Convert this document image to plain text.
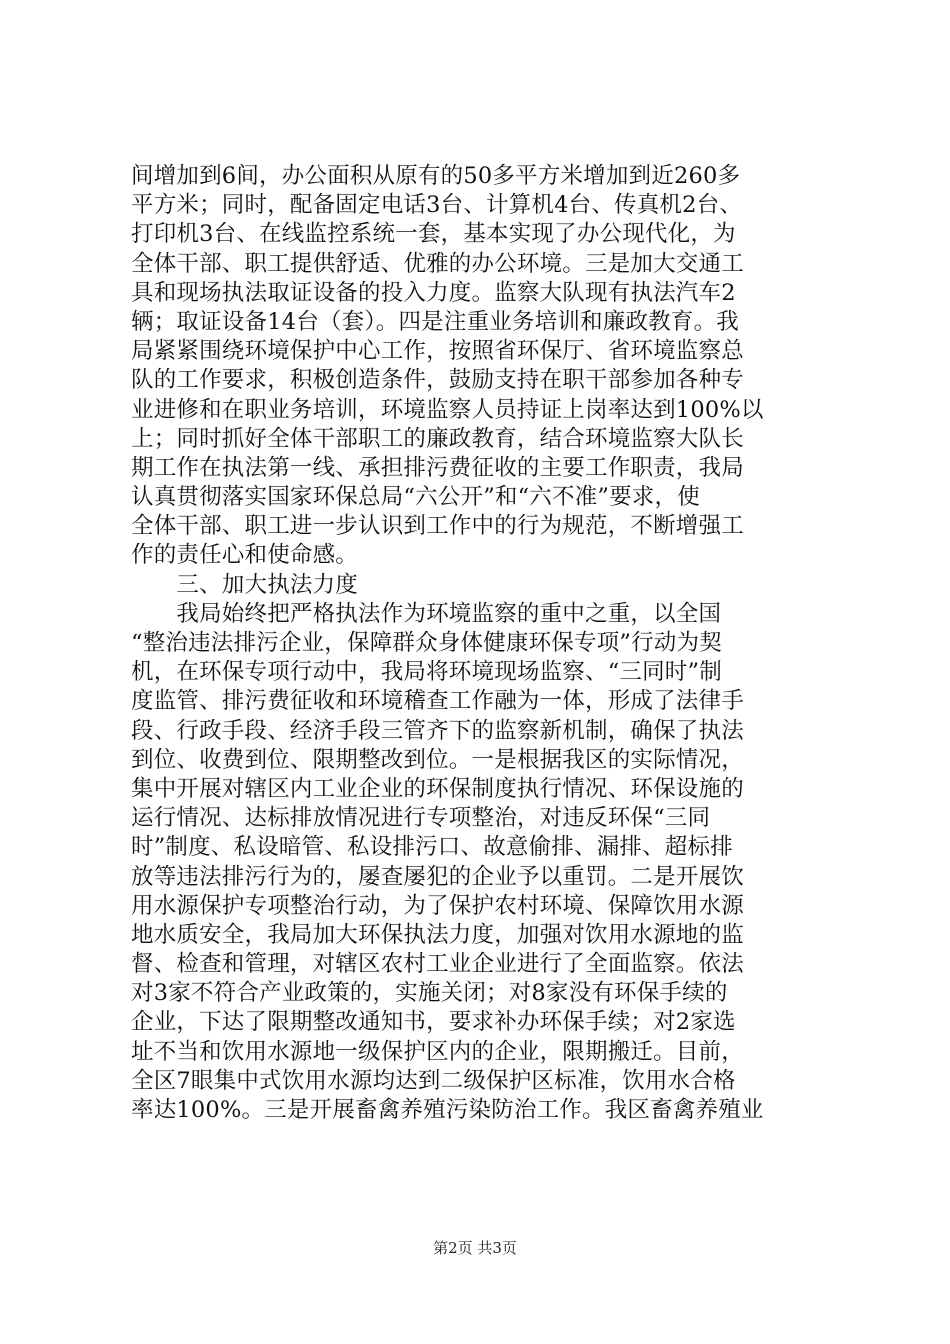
间增加到6间，办公面积从原有的50多平方米增加到近260多
平方米；同时，配备固定电话3台、计算机4台、传真机2台、
打印机3台、在线监控系统一套，基本实现了办公现代化，为
全体干部、职工提供舒适、优雅的办公环境。三是加大交通工
具和现场执法取证设备的投入力度。监察大队现有执法汽车2
辆；取证设备14台（套）。四是注重业务培训和廉政教育。我
局紧紧围绕环境保护中心工作，按照省环保厅、省环境监察总
队的工作要求，积极创造条件，鼓励支持在职干部参加各种专
业进修和在职业务培训，环境监察人员持证上岗率达到100%以
上；同时抓好全体干部职工的廉政教育，结合环境监察大队长
期工作在执法第一线、承担排污费征收的主要工作职责，我局
认真贯彻落实国家环保总局“六公开”和“六不准”要求，使
全体干部、职工进一步认识到工作中的行为规范，不断增强工
作的责任心和使命感。
　　三、加大执法力度
　　我局始终把严格执法作为环境监察的重中之重，以全国
“整治违法排污企业，保障群众身体健康环保专项”行动为契
机，在环保专项行动中，我局将环境现场监察、“三同时”制
度监管、排污费征收和环境稽查工作融为一体，形成了法律手
段、行政手段、经济手段三管齐下的监察新机制，确保了执法
到位、收费到位、限期整改到位。一是根据我区的实际情况，
集中开展对辖区内工业企业的环保制度执行情况、环保设施的
运行情况、达标排放情况进行专项整治，对违反环保“三同
时”制度、私设暗管、私设排污口、故意偷排、漏排、超标排
放等违法排污行为的，屡查屡犯的企业予以重罚。二是开展饮
用水源保护专项整治行动，为了保护农村环境、保障饮用水源
地水质安全，我局加大环保执法力度，加强对饮用水源地的监
督、检查和管理，对辖区农村工业企业进行了全面监察。依法
对3家不符合产业政策的，实施关闭；对8家没有环保手续的
企业，下达了限期整改通知书，要求补办环保手续；对2家选
址不当和饮用水源地一级保护区内的企业，限期搬迁。目前，
全区7眼集中式饮用水源均达到二级保护区标准，饮用水合格
率达100%。三是开展畜禽养殖污染防治工作。我区畜禽养殖业
第2页 共3页
